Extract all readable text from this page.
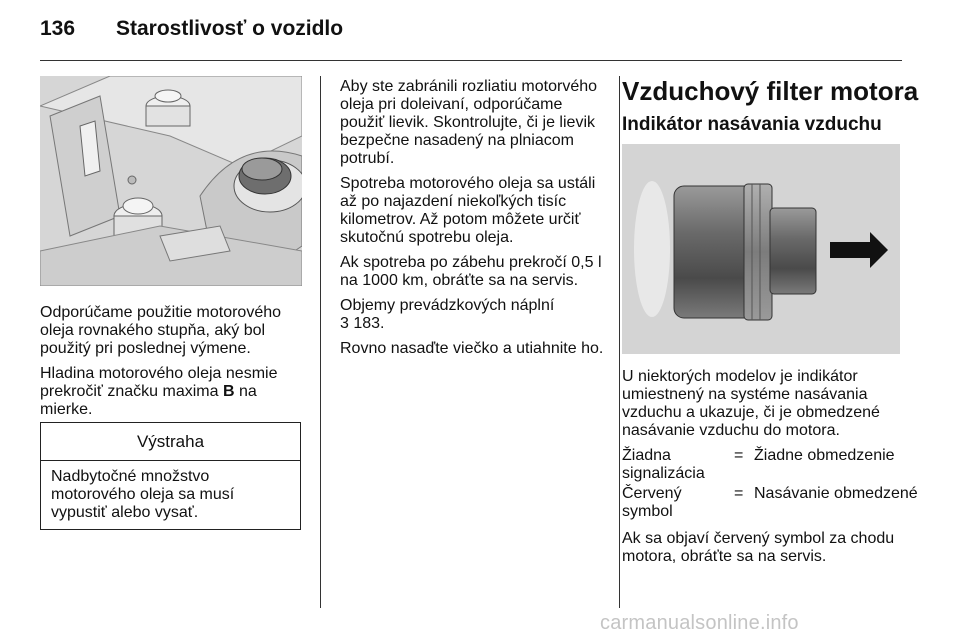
136 Starostlivosť o vozidlo

Odporúčame použitie motorového oleja rovnakého stupňa, aký bol použitý pri poslednej výmene.

Hladina motorového oleja nesmie prekročiť značku maxima B na mierke.

Výstraha
Nadbytočné množstvo motorového oleja sa musí vypustiť alebo vysať.

Aby ste zabránili rozliatiu motorvého oleja pri doleivaní, odporúčame použiť lievik. Skontrolujte, či je lievik bezpečne nasadený na plniacom potrubí.

Spotreba motorového oleja sa ustáli až po najazdení niekoľkých tisíc kilometrov. Až potom môžete určiť skutočnú spotrebu oleja.

Ak spotreba po zábehu prekročí 0,5 l na 1000 km, obráťte sa na servis.

Objemy prevádzkových náplní
3 183.

Rovno nasaďte viečko a utiahnite ho.

Vzduchový filter motora
Indikátor nasávania vzduchu
U niektorých modelov je indikátor umiestnený na systéme nasávania vzduchu a ukazuje, či je obmedzené nasávanie vzduchu do motora.
Žiadna signalizácia
= Žiadne obmedzenie
Červený symbol
= Nasávanie obmedzené
Ak sa objaví červený symbol za chodu motora, obráťte sa na servis.
carmanualsonline.info
